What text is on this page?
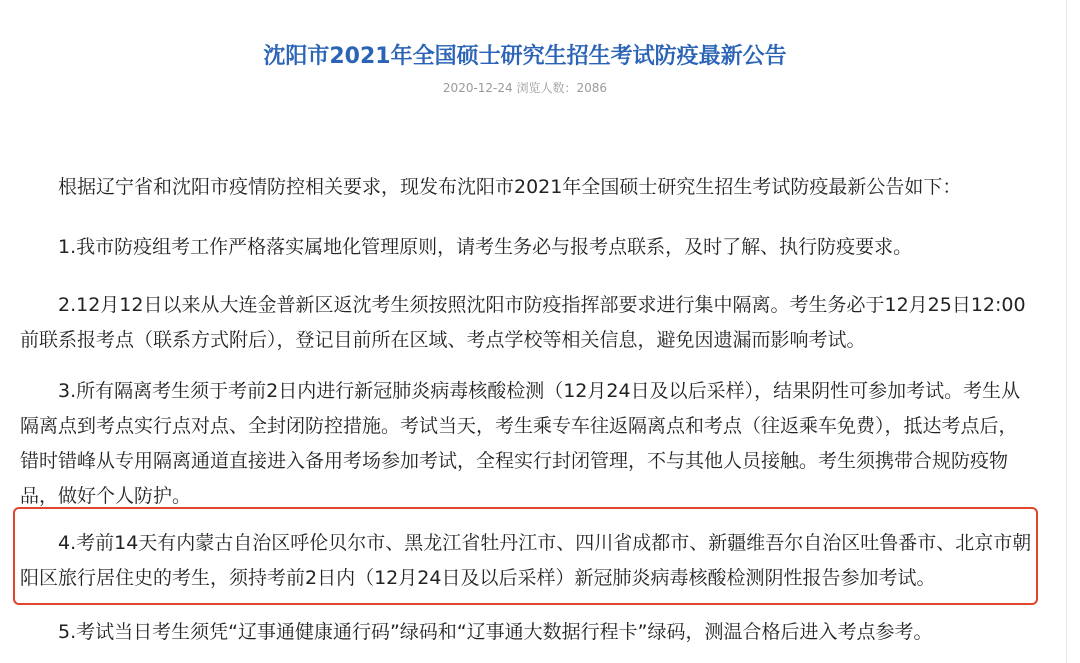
沈阳市2021年全国硕士研究生招生考试防疫最新公告
2020-12-24 浏览人数：2086

根据辽宁省和沈阳市疫情防控相关要求，现发布沈阳市2021年全国硕士研究生招生考试防疫最新公告如下：

1.我市防疫组考工作严格落实属地化管理原则，请考生务必与报考点联系，及时了解、执行防疫要求。

2.12月12日以来从大连金普新区返沈考生须按照沈阳市防疫指挥部要求进行集中隔离。考生务必于12月25日12:00前联系报考点（联系方式附后），登记目前所在区域、考点学校等相关信息，避免因遗漏而影响考试。

3.所有隔离考生须于考前2日内进行新冠肺炎病毒核酸检测（12月24日及以后采样），结果阴性可参加考试。考生从隔离点到考点实行点对点、全封闭防控措施。考试当天，考生乘专车往返隔离点和考点（往返乘车免费），抵达考点后，错时错峰从专用隔离通道直接进入备用考场参加考试，全程实行封闭管理，不与其他人员接触。考生须携带合规防疫物品，做好个人防护。

4.考前14天有内蒙古自治区呼伦贝尔市、黑龙江省牡丹江市、四川省成都市、新疆维吾尔自治区吐鲁番市、北京市朝阳区旅行居住史的考生，须持考前2日内（12月24日及以后采样）新冠肺炎病毒核酸检测阴性报告参加考试。

5.考试当日考生须凭“辽事通健康通行码”绿码和“辽事通大数据行程卡”绿码，测温合格后进入考点参考。
